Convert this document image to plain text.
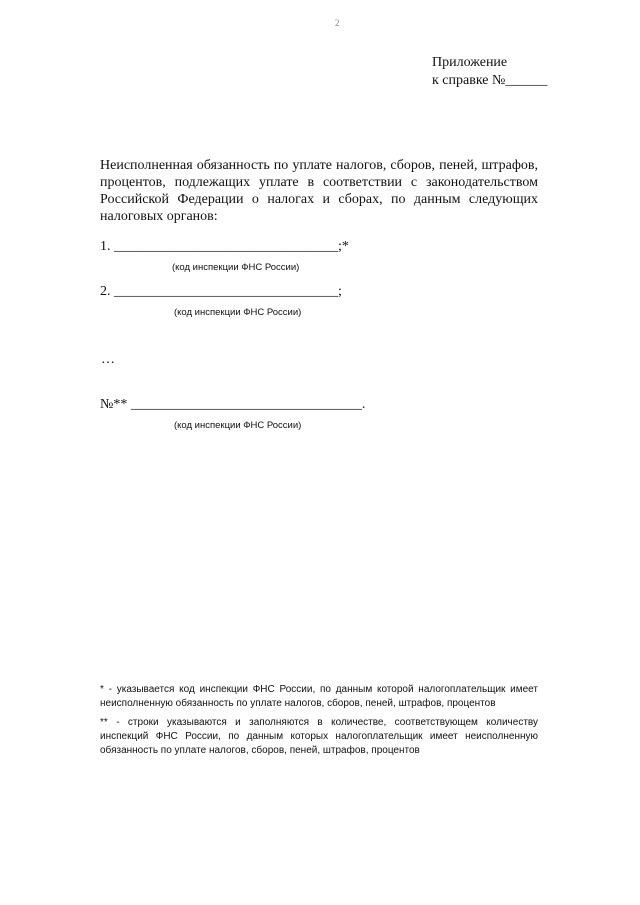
2
Приложение
к справке №______
Неисполненная обязанность по уплате налогов, сборов, пеней, штрафов, процентов, подлежащих уплате в соответствии с законодательством Российской Федерации о налогах и сборах, по данным следующих налоговых органов:
1. ________________________________;*
(код инспекции ФНС России)
2. ________________________________;
(код инспекции ФНС России)
…
№** _________________________________.
(код инспекции ФНС России)
* - указывается код инспекции ФНС России, по данным которой налогоплательщик имеет неисполненную обязанность по уплате налогов, сборов, пеней, штрафов, процентов
** - строки указываются и заполняются в количестве, соответствующем количеству инспекций ФНС России, по данным которых налогоплательщик имеет неисполненную обязанность по уплате налогов, сборов, пеней, штрафов, процентов
